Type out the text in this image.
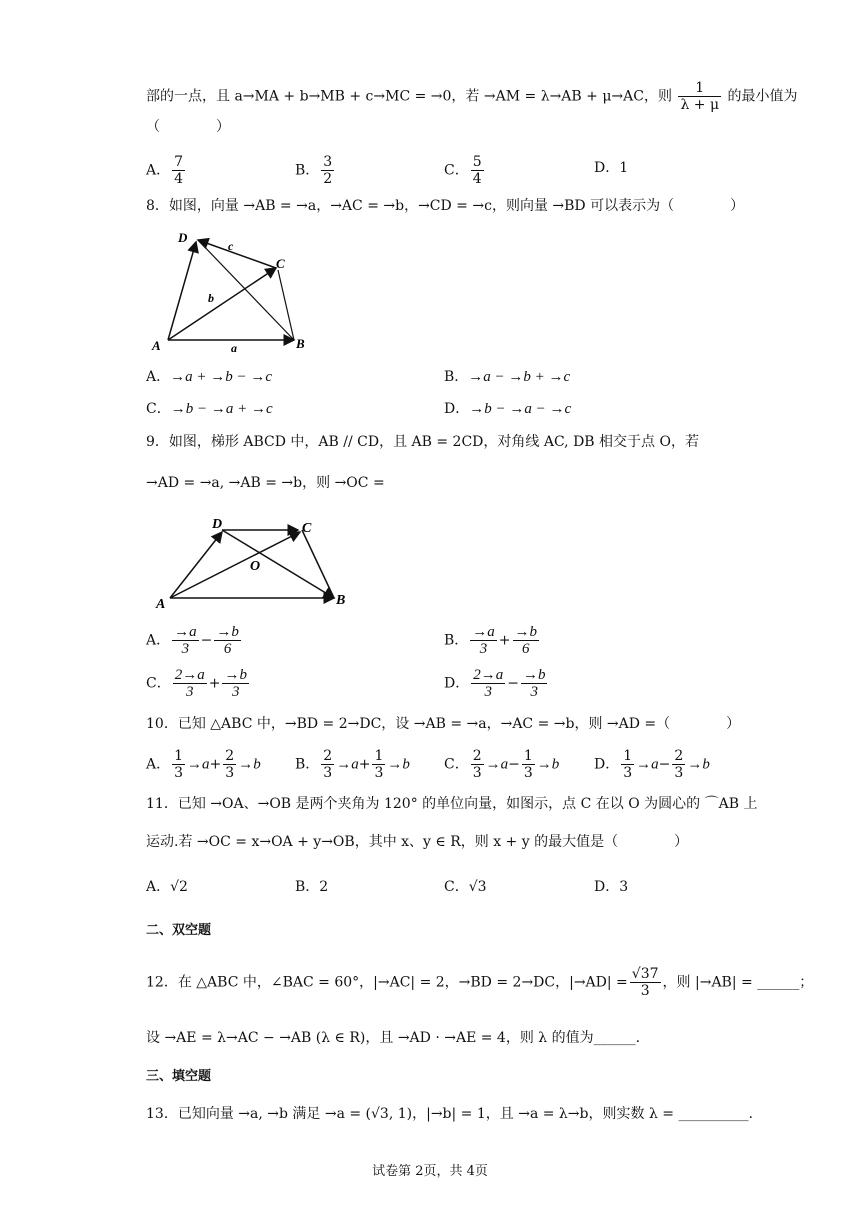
部的一点，且 a→MA + b→MB + c→MC = →0，若 →AM = λ→AB + μ→AC，则 $\frac{1}{\lambda + \mu}$ 的最小值为
（　　　　）
A． $\frac{7}{4}$	B． $\frac{3}{2}$	C． $\frac{5}{4}$	D．1
8．如图，向量 →AB = →a，→AC = →b，→CD = →c，则向量 →BD 可以表示为（　　　　）
A	B
C
D
a
b
c
A．→a + →b − →c	B．→a − →b + →c
C．→b − →a + →c	D．→b − →a − →c
9．如图，梯形 ABCD 中，AB // CD，且 AB = 2CD，对角线 AC, DB 相交于点 O，若
→AD = →a, →AB = →b，则 →OC =
A	B
C
D
O
A． $\frac{\to a}{3} - \frac{\to b}{6}$	B． $\frac{\to a}{3} + \frac{\to b}{6}$
C． $\frac{2\to a}{3} + \frac{\to b}{3}$	D． $\frac{2\to a}{3} - \frac{\to b}{3}$
10．已知 △ABC 中，→BD = 2→DC，设 →AB = →a，→AC = →b，则 →AD =（　　　　）
A． $\frac{1}{3} \to a+ \frac{2}{3} \to b$ B． $\frac{2}{3} \to a+ \frac{1}{3} \to b$ C． $\frac{2}{3} \to a- \frac{1}{3} \to b$ D． $\frac{1}{3} \to a- \frac{2}{3} \to b$
11．已知 →OA、→OB 是两个夹角为 120° 的单位向量，如图示，点 C 在以 O 为圆心的 ⌒AB 上
运动.若 →OC = x→OA + y→OB，其中 x、y ∈ R，则 x + y 的最大值是（　　　　）
A．√2	B．2	C．√3	D．3
二、双空题
12．在 △ABC 中，∠BAC = 60°，|→AC| = 2，→BD = 2→DC，$|\to AD| = \frac{√37}{3}$ ，则 |→AB| = ______；
设 →AE = λ→AC − →AB (λ ∈ R)，且 →AD · →AE = 4，则 λ 的值为______.
三、填空题
13．已知向量 →a, →b 满足 →a = (√3, 1)，|→b| = 1，且 →a = λ→b，则实数 λ = __________.
试卷第 2页，共 4页
